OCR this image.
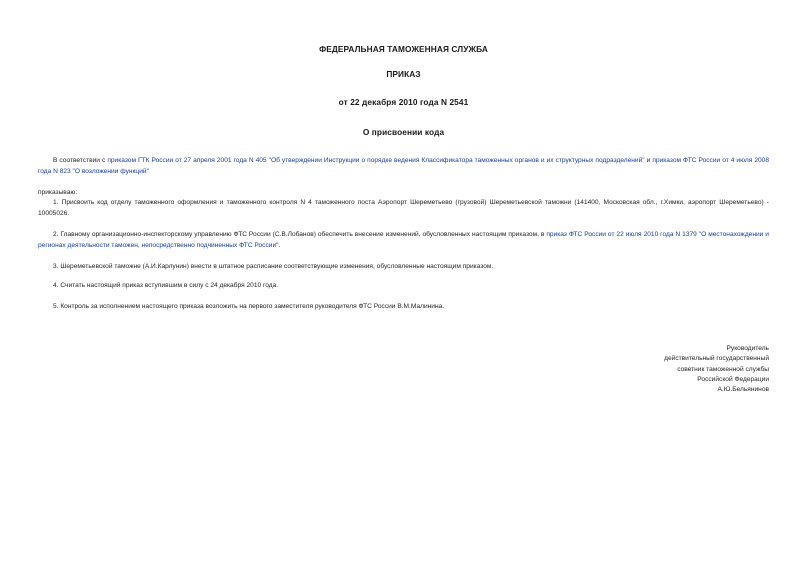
ФЕДЕРАЛЬНАЯ ТАМОЖЕННАЯ СЛУЖБА
ПРИКАЗ
от 22 декабря 2010 года N 2541
О присвоении кода

В соответствии с приказом ГТК России от 27 апреля 2001 года N 405 "Об утверждении Инструкции о порядке ведения Классификатора таможенных органов и их структурных подразделений" и приказом ФТС России от 4 июля 2008 года N 823 "О возложении функций"

приказываю:

1. Присвоить код отделу таможенного оформления и таможенного контроля N 4 таможенного поста Аэропорт Шереметьево (грузовой) Шереметьевской таможни (141400, Московская обл., г.Химки, аэропорт Шереметьево) - 10005026.

2. Главному организационно-инспекторскому управлению ФТС России (С.В.Лобанов) обеспечить внесение изменений, обусловленных настоящим приказом, в приказ ФТС России от 22 июля 2010 года N 1379 "О местонахождении и регионах деятельности таможен, непосредственно подчиненных ФТС России".

3. Шереметьевской таможне (А.И.Карлунин) внести в штатное расписание соответствующие изменения, обусловленные настоящим приказом.

4. Считать настоящий приказ вступившим в силу с 24 декабря 2010 года.

5. Контроль за исполнением настоящего приказа возложить на первого заместителя руководителя ФТС России В.М.Малинина.

Руководитель
действительный государственный
советник таможенной службы
Российской Федерации
А.Ю.Бельянинов
